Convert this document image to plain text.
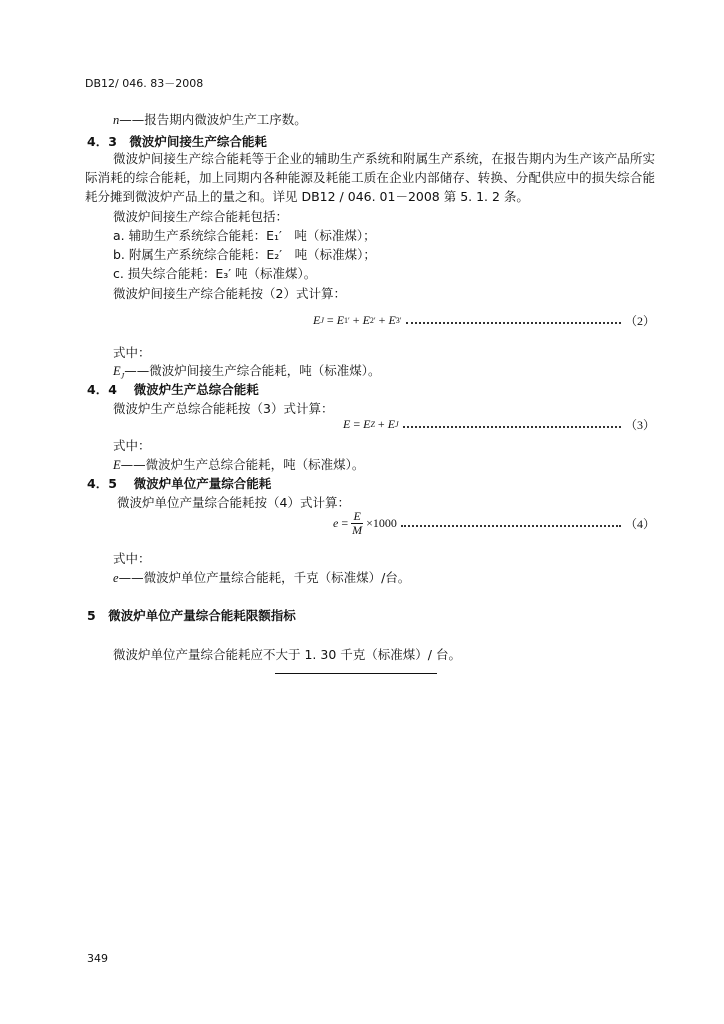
DB12/ 046. 83－2008
n——报告期内微波炉生产工序数。
4．3　微波炉间接生产综合能耗
微波炉间接生产综合能耗等于企业的辅助生产系统和附属生产系统，在报告期内为生产该产品所实际消耗的综合能耗，加上同期内各种能源及耗能工质在企业内部储存、转换、分配供应中的损失综合能耗分摊到微波炉产品上的量之和。详见 DB12 / 046. 01－2008 第 5. 1. 2 条。
微波炉间接生产综合能耗包括：
a. 辅助生产系统综合能耗：E₁′　吨（标准煤）；
b. 附属生产系统综合能耗：E₂′　吨（标准煤）；
c. 损失综合能耗：E₃′ 吨（标准煤）。
微波炉间接生产综合能耗按（2）式计算：
E J
=
E 1 ′
+
E 2 ′
+
E 3 ′	（2）
式中：
$E_J——$微波炉间接生产综合能耗，吨（标准煤）。
4．4　 微波炉生产总综合能耗
微波炉生产总综合能耗按（3）式计算：
E
=
E Z
+
E J	（3）
式中：
E——微波炉生产总综合能耗，吨（标准煤）。
4．5　 微波炉单位产量综合能耗
微波炉单位产量综合能耗按（4）式计算：
e
= $\frac{E}{M} \times 1000$	（4）
式中：
e——微波炉单位产量综合能耗，千克（标准煤）/台。
5　微波炉单位产量综合能耗限额指标
微波炉单位产量综合能耗应不大于 1. 30 千克（标准煤）/ 台。
349
